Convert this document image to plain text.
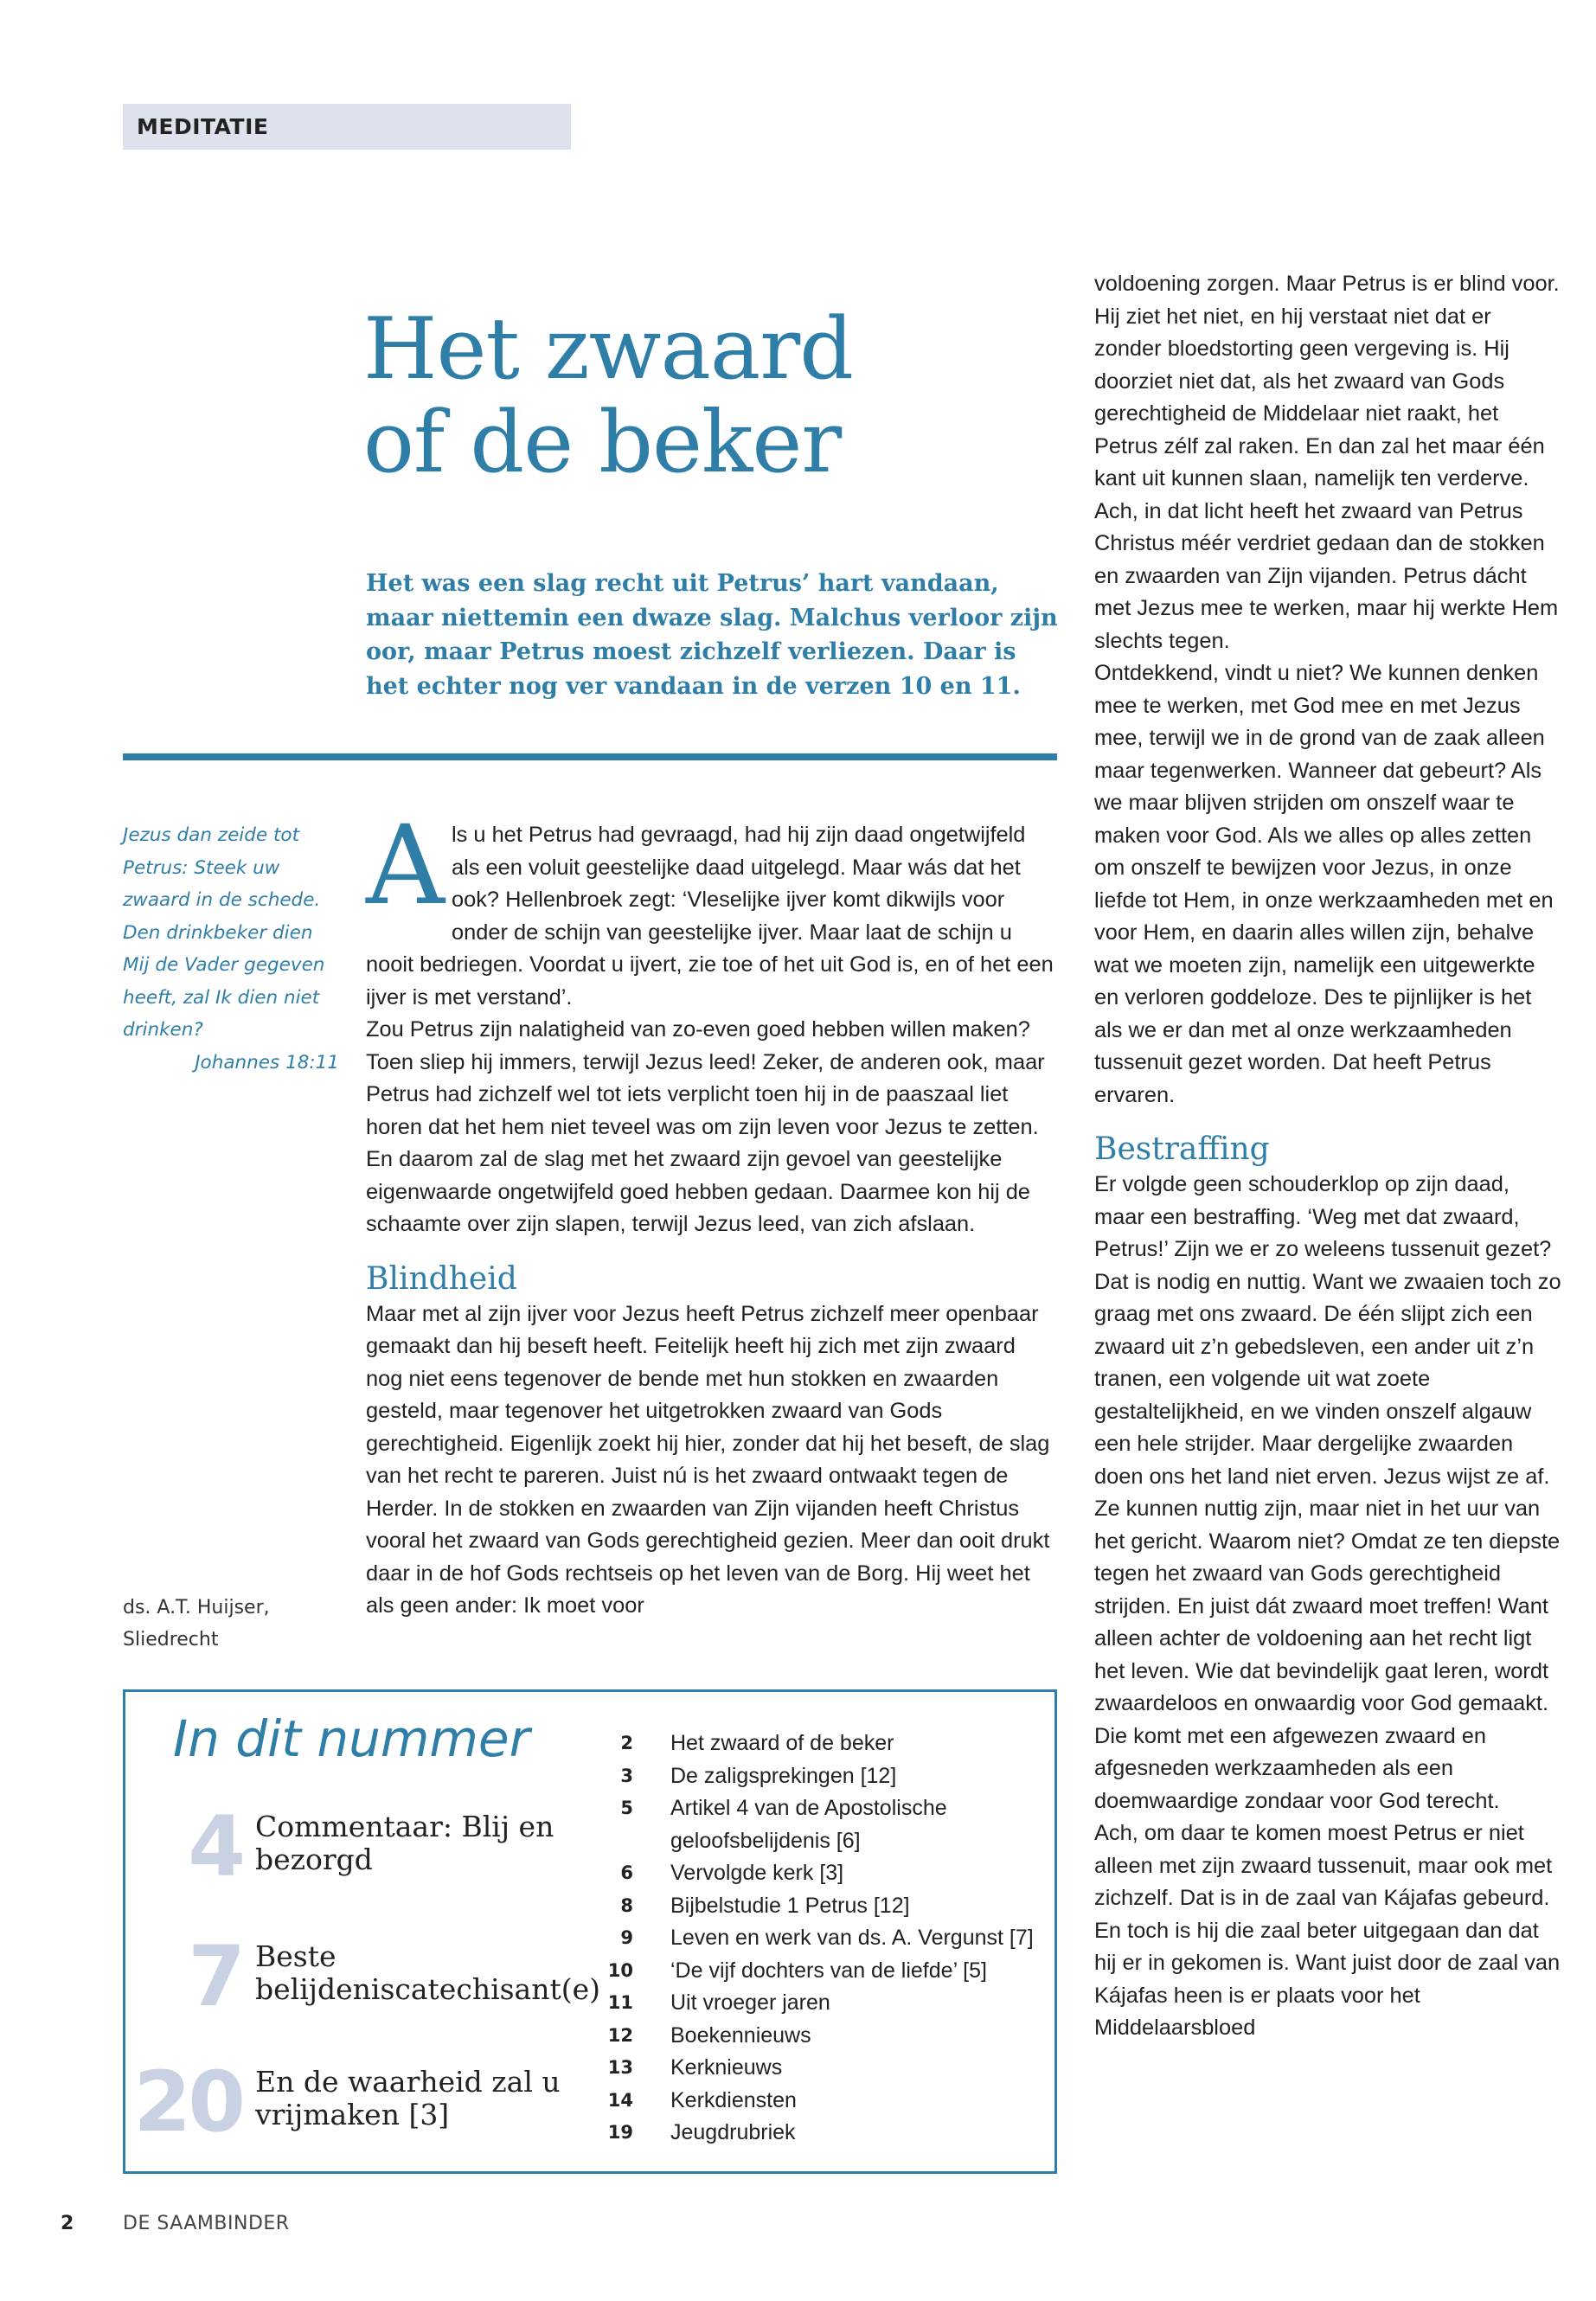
MEDITATIE
Het zwaard
of de beker

Het was een slag recht uit Petrus’ hart vandaan, maar niettemin een dwaze slag. Malchus verloor zijn oor, maar Petrus moest zichzelf verliezen. Daar is het echter nog ver vandaan in de verzen 10 en 11.

Jezus dan zeide tot Petrus: Steek uw zwaard in de schede. Den drinkbeker dien Mij de Vader gegeven heeft, zal Ik dien niet drinken?
Johannes 18:11

ds. A.T. Huijser,
Sliedrecht

Als u het Petrus had gevraagd, had hij zijn daad ongetwijfeld als een voluit geestelijke daad uitgelegd. Maar wás dat het ook? Hellenbroek zegt: ‘Vleselijke ijver komt dikwijls voor onder de schijn van geestelijke ijver. Maar laat de schijn u nooit bedriegen. Voordat u ijvert, zie toe of het uit God is, en of het een ijver is met verstand’.

Zou Petrus zijn nalatigheid van zo-even goed hebben willen maken? Toen sliep hij immers, terwijl Jezus leed! Zeker, de anderen ook, maar Petrus had zichzelf wel tot iets verplicht toen hij in de paaszaal liet horen dat het hem niet teveel was om zijn leven voor Jezus te zetten. En daarom zal de slag met het zwaard zijn gevoel van geestelijke eigenwaarde ongetwijfeld goed hebben gedaan. Daarmee kon hij de schaamte over zijn slapen, terwijl Jezus leed, van zich afslaan.

Blindheid

Maar met al zijn ijver voor Jezus heeft Petrus zichzelf meer openbaar gemaakt dan hij beseft heeft. Feitelijk heeft hij zich met zijn zwaard nog niet eens tegenover de bende met hun stokken en zwaarden gesteld, maar tegenover het uitgetrokken zwaard van Gods gerechtigheid. Eigenlijk zoekt hij hier, zonder dat hij het beseft, de slag van het recht te pareren. Juist nú is het zwaard ontwaakt tegen de Herder. In de stokken en zwaarden van Zijn vijanden heeft Christus vooral het zwaard van Gods gerechtigheid gezien. Meer dan ooit drukt daar in de hof Gods rechtseis op het leven van de Borg. Hij weet het als geen ander: Ik moet voor

voldoening zorgen. Maar Petrus is er blind voor. Hij ziet het niet, en hij verstaat niet dat er zonder bloedstorting geen vergeving is. Hij doorziet niet dat, als het zwaard van Gods gerechtigheid de Middelaar niet raakt, het Petrus zélf zal raken. En dan zal het maar één kant uit kunnen slaan, namelijk ten verderve. Ach, in dat licht heeft het zwaard van Petrus Christus méér verdriet gedaan dan de stokken en zwaarden van Zijn vijanden. Petrus dácht met Jezus mee te werken, maar hij werkte Hem slechts tegen.

Ontdekkend, vindt u niet? We kunnen denken mee te werken, met God mee en met Jezus mee, terwijl we in de grond van de zaak alleen maar tegenwerken. Wanneer dat gebeurt? Als we maar blijven strijden om onszelf waar te maken voor God. Als we alles op alles zetten om onszelf te bewijzen voor Jezus, in onze liefde tot Hem, in onze werkzaamheden met en voor Hem, en daarin alles willen zijn, behalve wat we moeten zijn, namelijk een uitgewerkte en verloren goddeloze. Des te pijnlijker is het als we er dan met al onze werkzaamheden tussenuit gezet worden. Dat heeft Petrus ervaren.

Bestraffing

Er volgde geen schouderklop op zijn daad, maar een bestraffing. ‘Weg met dat zwaard, Petrus!’ Zijn we er zo weleens tussenuit gezet? Dat is nodig en nuttig. Want we zwaaien toch zo graag met ons zwaard. De één slijpt zich een zwaard uit z’n gebedsleven, een ander uit z’n tranen, een volgende uit wat zoete gestaltelijkheid, en we vinden onszelf algauw een hele strijder. Maar dergelijke zwaarden doen ons het land niet erven. Jezus wijst ze af. Ze kunnen nuttig zijn, maar niet in het uur van het gericht. Waarom niet? Omdat ze ten diepste tegen het zwaard van Gods gerechtigheid strijden. En juist dát zwaard moet treffen! Want alleen achter de voldoening aan het recht ligt het leven. Wie dat bevindelijk gaat leren, wordt zwaardeloos en onwaardig voor God gemaakt. Die komt met een afgewezen zwaard en afgesneden werkzaamheden als een doemwaardige zondaar voor God terecht.

Ach, om daar te komen moest Petrus er niet alleen met zijn zwaard tussenuit, maar ook met zichzelf. Dat is in de zaal van Kájafas gebeurd. En toch is hij die zaal beter uitgegaan dan dat hij er in gekomen is. Want juist door de zaal van Kájafas heen is er plaats voor het Middelaarsbloed

In dit nummer
4 Commentaar: Blij en bezorgd
7 Beste belijdeniscatechisant(e)
20 En de waarheid zal u vrijmaken [3]
2 Het zwaard of de beker
3 De zaligsprekingen [12]
5 Artikel 4 van de Apostolische geloofsbelijdenis [6]
6 Vervolgde kerk [3]
8 Bijbelstudie 1 Petrus [12]
9 Leven en werk van ds. A. Vergunst [7]
10 ‘De vijf dochters van de liefde’ [5]
11 Uit vroeger jaren
12 Boekennieuws
13 Kerknieuws
14 Kerkdiensten
19 Jeugdrubriek
2	DE SAAMBINDER
